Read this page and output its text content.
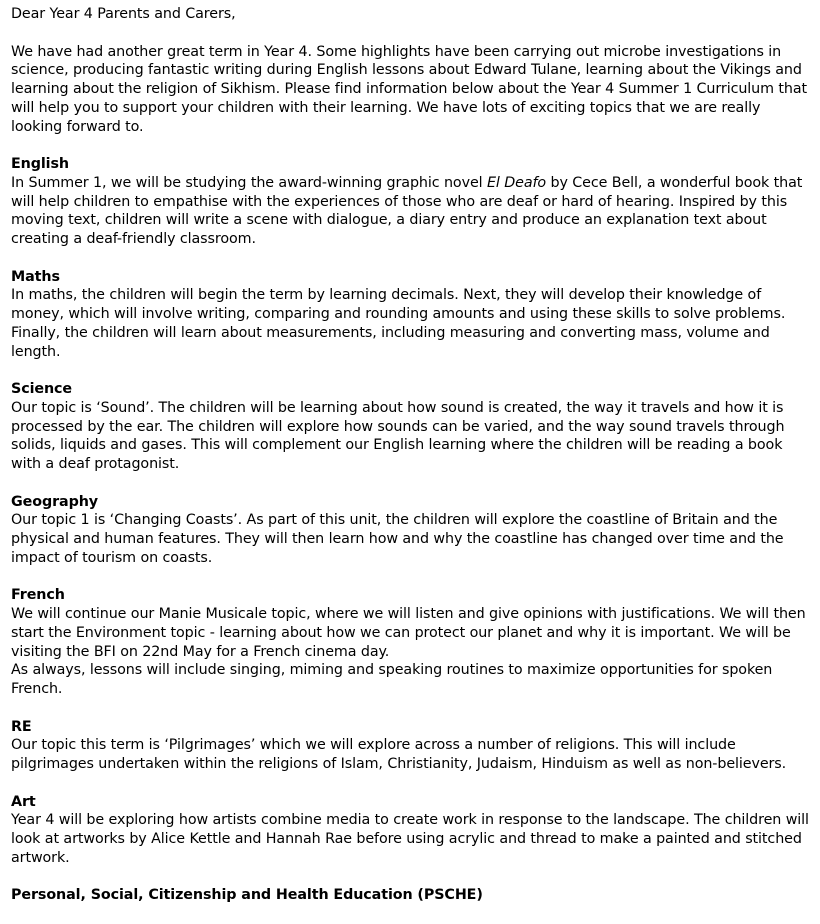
Dear Year 4 Parents and Carers,

We have had another great term in Year 4. Some highlights have been carrying out microbe investigations in science, producing fantastic writing during English lessons about Edward Tulane, learning about the Vikings and learning about the religion of Sikhism. Please find information below about the Year 4 Summer 1 Curriculum that will help you to support your children with their learning. We have lots of exciting topics that we are really looking forward to.

English
In Summer 1, we will be studying the award-winning graphic novel El Deafo by Cece Bell, a wonderful book that will help children to empathise with the experiences of those who are deaf or hard of hearing. Inspired by this moving text, children will write a scene with dialogue, a diary entry and produce an explanation text about creating a deaf-friendly classroom.

Maths
In maths, the children will begin the term by learning decimals. Next, they will develop their knowledge of money, which will involve writing, comparing and rounding amounts and using these skills to solve problems. Finally, the children will learn about measurements, including measuring and converting mass, volume and length.

Science
Our topic is ‘Sound’. The children will be learning about how sound is created, the way it travels and how it is processed by the ear. The children will explore how sounds can be varied, and the way sound travels through solids, liquids and gases. This will complement our English learning where the children will be reading a book with a deaf protagonist.

Geography
Our topic 1 is ‘Changing Coasts’. As part of this unit, the children will explore the coastline of Britain and the physical and human features. They will then learn how and why the coastline has changed over time and the impact of tourism on coasts.

French
We will continue our Manie Musicale topic, where we will listen and give opinions with justifications. We will then start the Environment topic - learning about how we can protect our planet and why it is important. We will be visiting the BFI on 22nd May for a French cinema day.
As always, lessons will include singing, miming and speaking routines to maximize opportunities for spoken French.

RE
Our topic this term is ‘Pilgrimages’ which we will explore across a number of religions. This will include pilgrimages undertaken within the religions of Islam, Christianity, Judaism, Hinduism as well as non-believers.

Art
Year 4 will be exploring how artists combine media to create work in response to the landscape. The children will look at artworks by Alice Kettle and Hannah Rae before using acrylic and thread to make a painted and stitched artwork.

Personal, Social, Citizenship and Health Education (PSCHE)
